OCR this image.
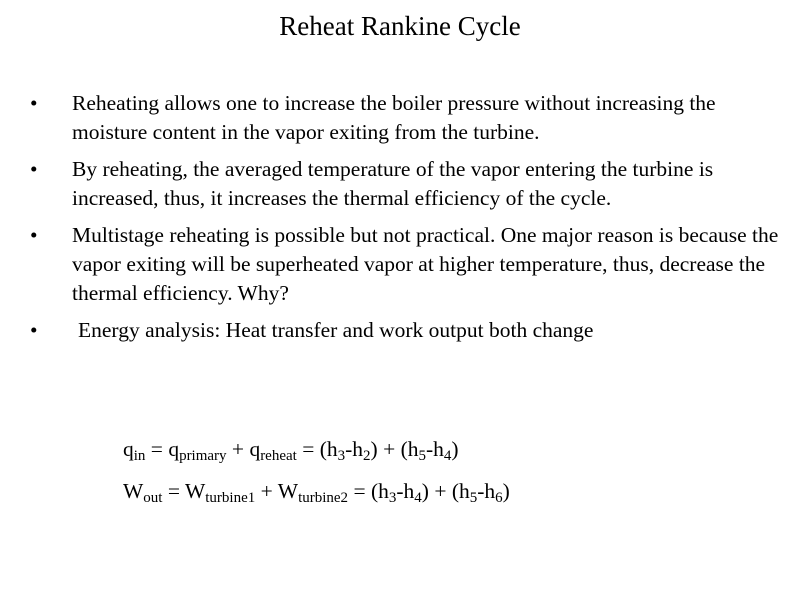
Reheat Rankine Cycle
• Reheating allows one to increase the boiler pressure without increasing the moisture content in the vapor exiting from the turbine.
• By reheating, the averaged temperature of the vapor entering the turbine is increased, thus, it increases the thermal efficiency of the cycle.
• Multistage reheating is possible but not practical. One major reason is because the vapor exiting will be superheated vapor at higher temperature, thus, decrease the thermal efficiency. Why?
• Energy analysis: Heat transfer and work output both change
$q_{in} = q_{primary} + q_{reheat} = (h_3-h_2) + (h_5-h_4)$
$W_{out} = W_{turbine1} + W_{turbine2} = (h_3-h_4) + (h_5-h_6)$
